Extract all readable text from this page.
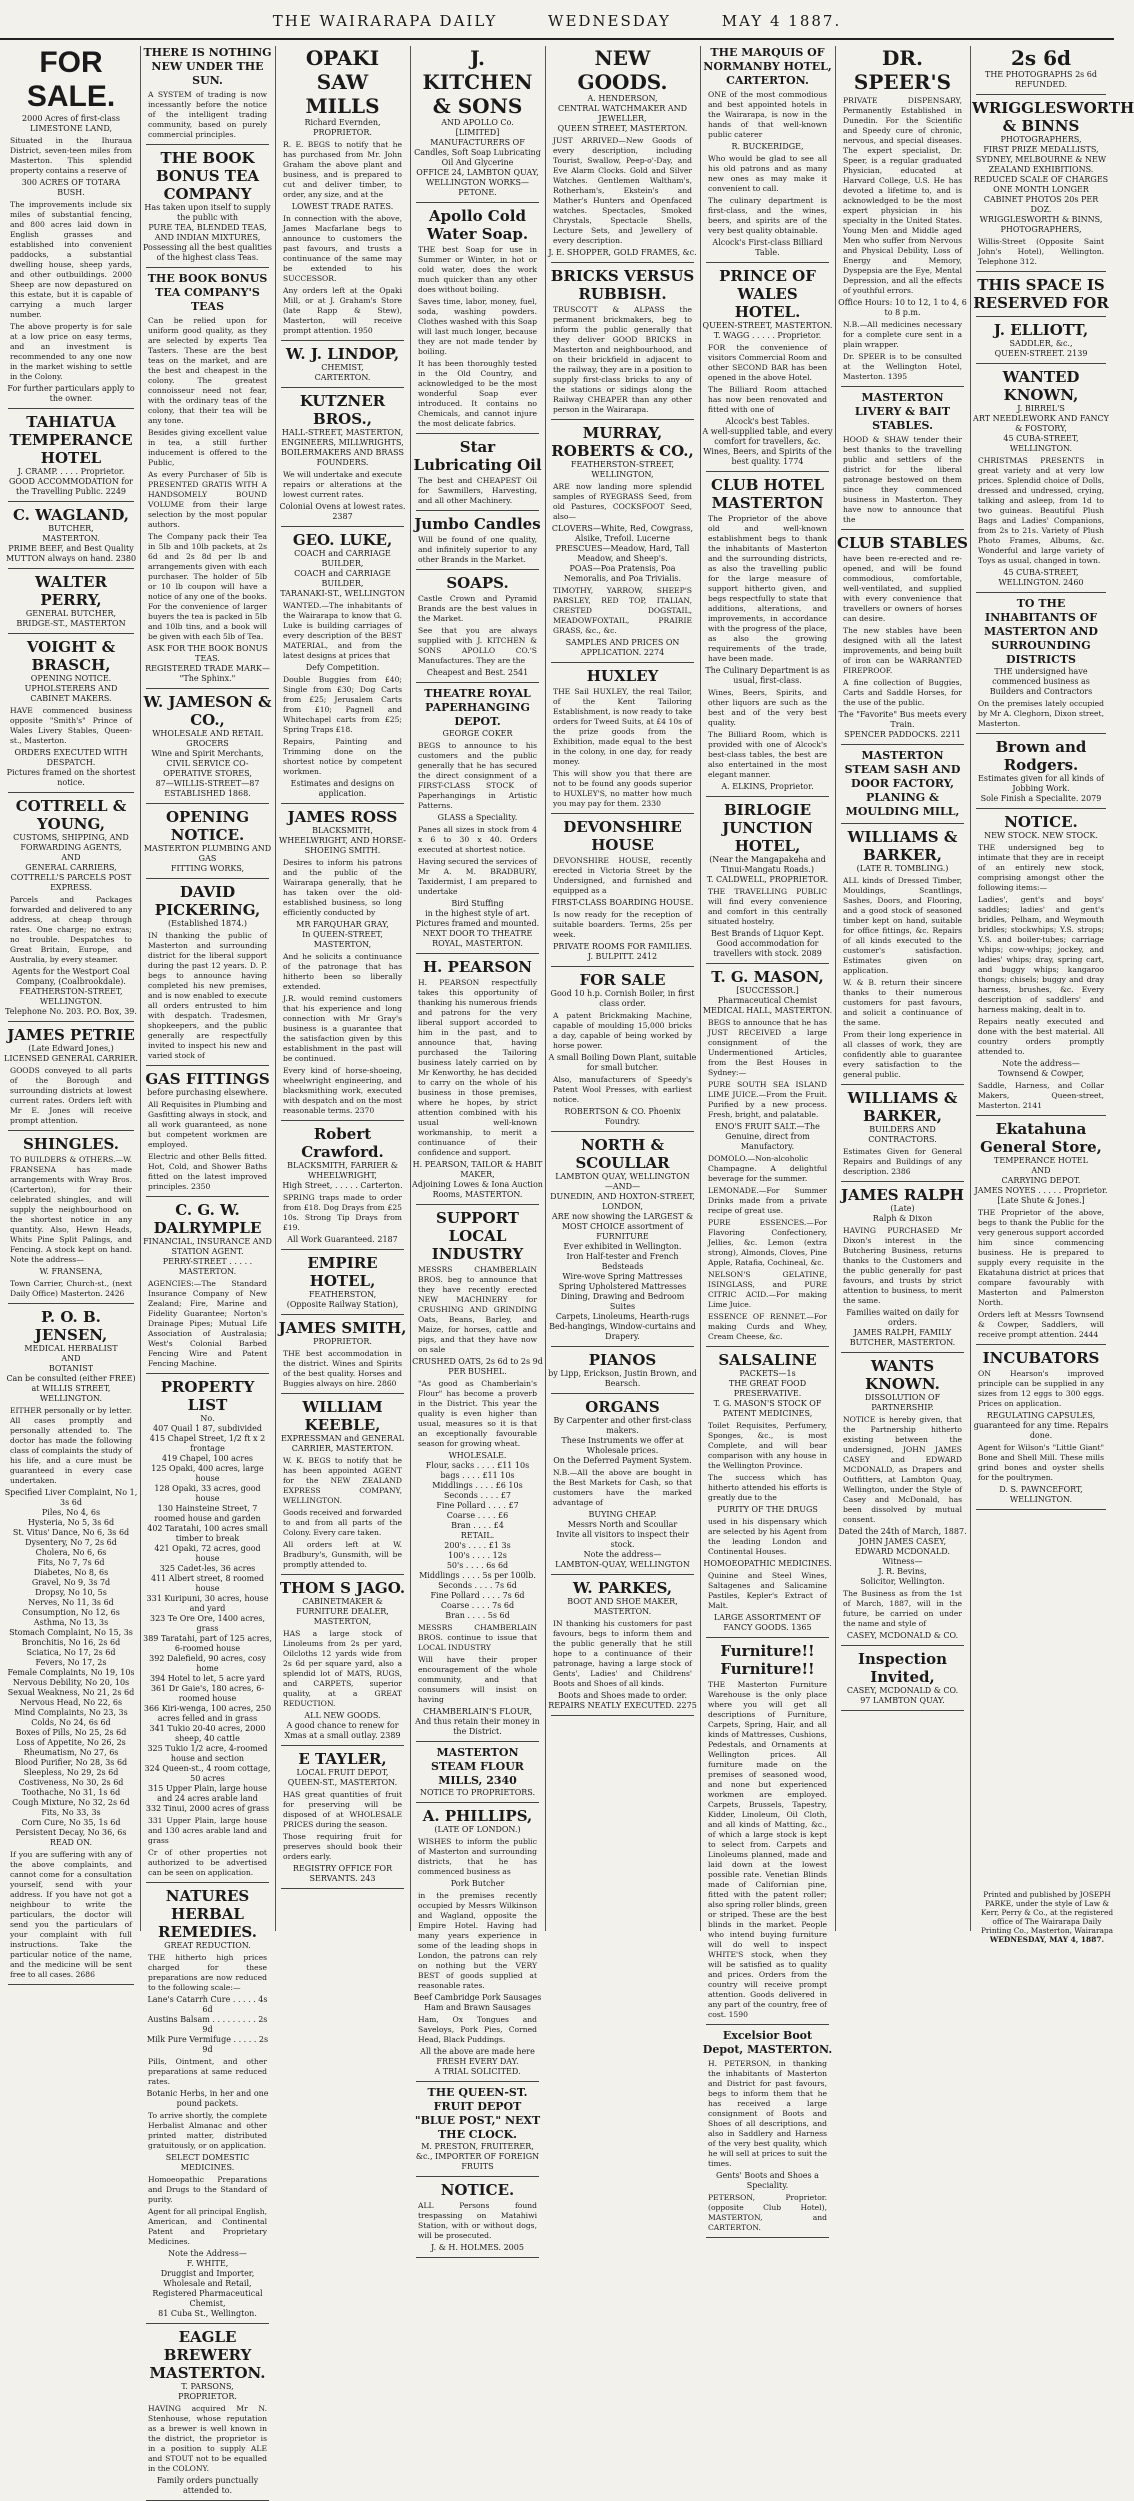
THE WAIRARAPA DAILY	WEDNESDAY	MAY 4 1887.
FOR SALE.
2000 Acres of first-class
LIMESTONE LAND,
Situated in the Ihuraua District, seven-teen miles from Masterton. This splendid property contains a reserve of
300 ACRES OF TOTARA
BUSH.
The improvements include six miles of substantial fencing, and 800 acres laid down in English grasses and established into convenient paddocks, a substantial dwelling house, sheep yards, and other outbuildings. 2000 Sheep are now depastured on this estate, but it is capable of carrying a much larger number.
The above property is for sale at a low price on easy terms, and an investment is recommended to any one now in the market wishing to settle in the Colony.
For further particulars apply to the owner.
TAHIATUA TEMPERANCE HOTEL
J. CRAMP. . . . . Proprietor.
GOOD ACCOMMODATION for the Travelling Public. 2249
C. WAGLAND,
BUTCHER,
MASTERTON.
PRIME BEEF, and Best Quality MUTTON always on hand. 2380
WALTER PERRY,
GENERAL BUTCHER,
BRIDGE-ST., MASTERTON
VOIGHT & BRASCH,
OPENING NOTICE.
UPHOLSTERERS AND CABINET MAKERS.
HAVE commenced business opposite "Smith's" Prince of Wales Livery Stables, Queen-st., Masterton.
ORDERS EXECUTED WITH DESPATCH.
Pictures framed on the shortest notice.
COTTRELL & YOUNG,
CUSTOMS, SHIPPING, AND FORWARDING AGENTS,
AND
GENERAL CARRIERS,
COTTRELL'S PARCELS POST EXPRESS.
Parcels and Packages forwarded and delivered to any address, at cheap through rates. One charge; no extras; no trouble. Despatches to Great Britain, Europe, and Australia, by every steamer.
Agents for the Westport Coal Company, (Coalbrookdale).
FEATHERSTON-STREET, WELLINGTON.
Telephone No. 203. P.O. Box, 39.
JAMES PETRIE
(Late Edward Jones,)
LICENSED GENERAL CARRIER.
GOODS conveyed to all parts of the Borough and surrounding districts at lowest current rates. Orders left with Mr E. Jones will receive prompt attention.
SHINGLES.
TO BUILDERS & OTHERS.—W. FRANSENA has made arrangements with Wray Bros. (Carterton), for their celebrated shingles, and will supply the neighbourhood on the shortest notice in any quantity. Also, Hewn Heads, Whits Pine Split Palings, and Fencing. A stock kept on hand. Note the address—
W. FRANSENA,
Town Carrier, Church-st., (next Daily Office) Masterton. 2426
P. O. B. JENSEN,
MEDICAL HERBALIST
AND
BOTANIST
Can be consulted (either FREE) at WILLIS STREET, WELLINGTON.
EITHER personally or by letter. All cases promptly and personally attended to. The doctor has made the following class of complaints the study of his life, and a cure must be guaranteed in every case undertaken.
Specified Liver Complaint, No 1, 3s 6d
Piles, No 4, 6s
Hysteria, No 5, 3s 6d
St. Vitus' Dance, No 6, 3s 6d
Dysentery, No 7, 2s 6d
Cholera, No 6, 6s
Fits, No 7, 7s 6d
Diabetes, No 8, 6s
Gravel, No 9, 3s 7d
Dropsy, No 10, 5s
Nerves, No 11, 3s 6d
Consumption, No 12, 6s
Asthma, No 13, 3s
Stomach Complaint, No 15, 3s
Bronchitis, No 16, 2s 6d
Sciatica, No 17, 2s 6d
Fevers, No 17, 2s
Female Complaints, No 19, 10s
Nervous Debility, No 20, 10s
Sexual Weakness, No 21, 2s 6d
Nervous Head, No 22, 6s
Mind Complaints, No 23, 3s
Colds, No 24, 6s 6d
Boxes of Pills, No 25, 2s 6d
Loss of Appetite, No 26, 2s
Rheumatism, No 27, 6s
Blood Purifier, No 28, 3s 6d
Sleepless, No 29, 2s 6d
Costiveness, No 30, 2s 6d
Toothache, No 31, 1s 6d
Cough Mixture, No 32, 2s 6d
Fits, No 33, 3s
Corn Cure, No 35, 1s 6d
Persistent Decay, No 36, 6s
READ ON.
If you are suffering with any of the above complaints, and cannot come for a consultation yourself, send with your address. If you have not got a neighbour to write the particulars, the doctor will send you the particulars of your complaint with full instructions. Take the particular notice of the name, and the medicine will be sent free to all cases. 2686
THERE IS NOTHING NEW UNDER THE SUN.
A SYSTEM of trading is now incessantly before the notice of the intelligent trading community, based on purely commercial principles.
THE BOOK BONUS TEA COMPANY
Has taken upon itself to supply the public with
PURE TEA, BLENDED TEAS, AND INDIAN MIXTURES,
Possessing all the best qualities of the highest class Teas.
THE BOOK BONUS TEA COMPANY'S TEAS
Can be relied upon for uniform good quality, as they are selected by experts Tea Tasters. These are the best teas on the market, and are the best and cheapest in the colony. The greatest connoisseur need not fear, with the ordinary teas of the colony, that their tea will be any tone.
Besides giving excellent value in tea, a still further inducement is offered to the Public,
As every Purchaser of 5lb is PRESENTED GRATIS WITH A HANDSOMELY BOUND VOLUME from their large selection by the most popular authors.
The Company pack their Tea in 5lb and 10lb packets, at 2s 6d and 2s 8d per lb and arrangements given with each purchaser. The holder of 5lb or 10 lb coupon will have a notice of any one of the books. For the convenience of larger buyers the tea is packed in 5lb and 10lb tins, and a book will be given with each 5lb of Tea.
ASK FOR THE BOOK BONUS TEAS.
REGISTERED TRADE MARK—
"The Sphinx."
W. JAMESON & CO.,
WHOLESALE AND RETAIL GROCERS
Wine and Spirit Merchants,
CIVIL SERVICE CO-OPERATIVE STORES,
87—WILLIS-STREET—87
ESTABLISHED 1868.
OPENING NOTICE.
MASTERTON PLUMBING AND GAS
FITTING WORKS,
DAVID PICKERING,
(Established 1874.)
IN thanking the public of Masterton and surrounding district for the liberal support during the past 12 years. D. P. begs to announce having completed his new premises, and is now enabled to execute all orders entrusted to him with despatch. Tradesmen, shopkeepers, and the public generally are respectfully invited to inspect his new and varied stock of
GAS FITTINGS
before purchasing elsewhere.
All Requisites in Plumbing and Gasfitting always in stock, and all work guaranteed, as none but competent workmen are employed.
Electric and other Bells fitted. Hot, Cold, and Shower Baths fitted on the latest improved principles. 2350
C. G. W. DALRYMPLE
FINANCIAL, INSURANCE AND STATION AGENT.
PERRY-STREET . . . . . MASTERTON.
AGENCIES:—The Standard Insurance Company of New Zealand; Fire, Marine and Fidelity Guarantee; Norton's Drainage Pipes; Mutual Life Association of Australasia; West's Colonial Barbed Fencing Wire and Patent Fencing Machine.
PROPERTY LIST
No.
407 Quail 1 87, subdivided
415 Chapel Street, 1/2 ft x 2 frontage
419 Chapel, 100 acres
125 Opaki, 400 acres, large house
128 Opaki, 33 acres, good house
130 Hainsteine Street, 7 roomed house and garden
402 Taratahi, 100 acres small timber to break
421 Opaki, 72 acres, good house
325 Cadet-les, 36 acres
411 Albert street, 8 roomed house
331 Kuripuni, 30 acres, house and yard
323 Te Ore Ore, 1400 acres, grass
389 Taratahi, part of 125 acres, 6-roomed house
392 Dalefield, 90 acres, cosy home
394 Hotel to let, 5 acre yard
361 Dr Gaie's, 180 acres, 6-roomed house
366 Kiri-wenga, 100 acres, 250 acres felled and in grass
341 Tukio 20-40 acres, 2000 sheep, 40 cattle
325 Tukio 1/2 acre, 4-roomed house and section
324 Queen-st., 4 room cottage, 50 acres
315 Upper Plain, large house and 24 acres arable land
332 Tinui, 2000 acres of grass
331 Upper Plain, large house and 130 acres arable land and grass
Cr of other properties not authorized to be advertised can be seen on application.
NATURES HERBAL REMEDIES.
GREAT REDUCTION.
THE hitherto high prices charged for these preparations are now reduced to the following scale:—
Lane's Catarrh Cure . . . . . 4s 6d
Austins Balsam . . . . . . . . . 2s 9d
Milk Pure Vermifuge . . . . . 2s 9d
Pills, Ointment, and other preparations at same reduced rates.
Botanic Herbs, in her and one pound packets.
To arrive shortly, the complete Herbalist Almanac and other printed matter, distributed gratuitously, or on application.
SELECT DOMESTIC MEDICINES.
Homoeopathic Preparations and Drugs to the Standard of purity.
Agent for all principal English, American, and Continental Patent and Proprietary Medicines.
Note the Address—
F. WHITE,
Druggist and Importer,
Wholesale and Retail,
Registered Pharmaceutical Chemist,
81 Cuba St., Wellington.
EAGLE BREWERY MASTERTON.
T. PARSONS,
PROPRIETOR.
HAVING acquired Mr N. Stenhouse, whose reputation as a brewer is well known in the district, the proprietor is in a position to supply ALE and STOUT not to be equalled in the COLONY.
Family orders punctually attended to.
OPAKI SAW MILLS
Richard Evernden,
PROPRIETOR.
R. E. BEGS to notify that he has purchased from Mr. John Graham the above plant and business, and is prepared to cut and deliver timber, to order, any size, and at the
LOWEST TRADE RATES.
In connection with the above, James Macfarlane begs to announce to customers the past favours, and trusts a continuance of the same may be extended to his SUCCESSOR.
Any orders left at the Opaki Mill, or at J. Graham's Store (late Rapp & Stew), Masterton, will receive prompt attention. 1950
W. J. LINDOP,
CHEMIST,
CARTERTON.
KUTZNER BROS.,
HALL-STREET, MASTERTON,
ENGINEERS, MILLWRIGHTS, BOILERMAKERS AND BRASS FOUNDERS.
We will undertake and execute repairs or alterations at the lowest current rates.
Colonial Ovens at lowest rates. 2387
GEO. LUKE,
COACH and CARRIAGE BUILDER,
COACH and CARRIAGE BUILDER,
TARANAKI-ST., WELLINGTON
WANTED.—The inhabitants of the Wairarapa to know that G. Luke is building carriages of every description of the BEST MATERIAL, and from the latest designs at prices that
Defy Competition.
Double Buggies from £40; Single from £30; Dog Carts from £25; Jerusalem Carts from £10; Pagnell and Whitechapel carts from £25; Spring Traps £18.
Repairs, Painting and Trimming done on the shortest notice by competent workmen.
Estimates and designs on application.
JAMES ROSS
BLACKSMITH, WHEELWRIGHT, AND HORSE-SHOEING SMITH.
Desires to inform his patrons and the public of the Wairarapa generally, that he has taken over the old-established business, so long efficiently conducted by
MR FARQUHAR GRAY,
In QUEEN-STREET, MASTERTON,
And he solicits a continuance of the patronage that has hitherto been so liberally extended.
J.R. would remind customers that his experience and long connection with Mr Gray's business is a guarantee that the satisfaction given by this establishment in the past will be continued.
Every kind of horse-shoeing, wheelwright engineering, and blacksmithing work, executed with despatch and on the most reasonable terms. 2370
Robert Crawford.
BLACKSMITH, FARRIER & WHEELWRIGHT,
High Street, . . . . . Carterton.
SPRING traps made to order from £18. Dog Drays from £25 10s. Strong Tip Drays from £19.
All Work Guaranteed. 2187
EMPIRE HOTEL,
FEATHERSTON,
(Opposite Railway Station),
JAMES SMITH,
PROPRIETOR.
THE best accommodation in the district. Wines and Spirits of the best quality. Horses and Buggies always on hire. 2860
WILLIAM KEEBLE,
EXPRESSMAN and GENERAL CARRIER, MASTERTON.
W. K. BEGS to notify that he has been appointed AGENT for the NEW ZEALAND EXPRESS COMPANY, WELLINGTON.
Goods received and forwarded to and from all parts of the Colony. Every care taken.
All orders left at W. Bradbury's, Gunsmith, will be promptly attended to.
THOM S JAGO.
CABINETMAKER & FURNITURE DEALER,
MASTERTON,
HAS a large stock of Linoleums from 2s per yard, Oilcloths 12 yards wide from 2s 6d per square yard, also a splendid lot of MATS, RUGS, and CARPETS, superior quality, at a GREAT REDUCTION.
ALL NEW GOODS.
A good chance to renew for Xmas at a small outlay. 2389
E TAYLER,
LOCAL FRUIT DEPOT,
QUEEN-ST., MASTERTON.
HAS great quantities of fruit for preserving will be disposed of at WHOLESALE PRICES during the season.
Those requiring fruit for preserves should book their orders early.
REGISTRY OFFICE FOR SERVANTS. 243
J. KITCHEN & SONS
AND APOLLO Co.
[LIMITED]
MANUFACTURERS OF
Candles, Soft Soap Lubricating Oil And Glycerine
OFFICE 24, LAMBTON QUAY, WELLINGTON WORKS—PETONE.
Apollo Cold Water Soap.
THE best Soap for use in Summer or Winter, in hot or cold water, does the work much quicker than any other does without boiling.
Saves time, labor, money, fuel, soda, washing powders. Clothes washed with this Soap will last much longer, because they are not made tender by boiling.
It has been thoroughly tested in the Old Country, and acknowledged to be the most wonderful Soap ever introduced. It contains no Chemicals, and cannot injure the most delicate fabrics.
Star Lubricating Oil
The best and CHEAPEST Oil for Sawmillers, Harvesting, and all other Machinery.
Jumbo Candles
Will be found of one quality, and infinitely superior to any other Brands in the Market.
SOAPS.
Castle Crown and Pyramid Brands are the best values in the Market.
See that you are always supplied with J. KITCHEN & SONS APOLLO CO.'S Manufactures. They are the
Cheapest and Best. 2541
THEATRE ROYAL PAPERHANGING DEPOT.
GEORGE COKER
BEGS to announce to his customers and the public generally that he has secured the direct consignment of a FIRST-CLASS STOCK of Paperhangings in Artistic Patterns.
GLASS a Speciality.
Panes all sizes in stock from 4 x 6 to 30 x 40. Orders executed at shortest notice.
Having secured the services of Mr A. M. BRADBURY, Taxidermist, I am prepared to undertake
Bird Stuffing
in the highest style of art. Pictures framed and mounted.
NEXT DOOR TO THEATRE ROYAL, MASTERTON.
H. PEARSON
H. PEARSON respectfully takes this opportunity of thanking his numerous friends and patrons for the very liberal support accorded to him in the past, and to announce that, having purchased the Tailoring business lately carried on by Mr Kenworthy, he has decided to carry on the whole of his business in those premises, where he hopes, by strict attention combined with his usual well-known workmanship, to merit a continuance of their confidence and support.
H. PEARSON, TAILOR & HABIT MAKER,
Adjoining Lowes & Iona Auction Rooms, MASTERTON.
SUPPORT LOCAL INDUSTRY
MESSRS CHAMBERLAIN BROS. beg to announce that they have recently erected NEW MACHINERY for CRUSHING AND GRINDING Oats, Beans, Barley, and Maize, for horses, cattle and pigs, and that they have now on sale
CRUSHED OATS, 2s 6d to 2s 9d PER BUSHEL.
"As good as Chamberlain's Flour" has become a proverb in the District. This year the quality is even higher than usual, measures so it is that an exceptionally favourable season for growing wheat.
WHOLESALE.
Flour, sacks . . . . £11 10s
bags . . . . £11 10s
Middlings . . . . £6 10s
Seconds . . . . £7
Fine Pollard . . . . £7
Coarse . . . . £6
Bran . . . . £4
RETAIL.
200's . . . . £1 3s
100's . . . . 12s
50's . . . . 6s 6d
Middlings . . . . 5s per 100lb.
Seconds . . . . 7s 6d
Fine Pollard . . . . 7s 6d
Coarse . . . . 7s 6d
Bran . . . . 5s 6d
MESSRS CHAMBERLAIN BROS. continue to issue that LOCAL INDUSTRY
Will have their proper encouragement of the whole community, and that consumers will insist on having
CHAMBERLAIN'S FLOUR,
And thus retain their money in the District.
MASTERTON STEAM FLOUR MILLS, 2340
NOTICE TO PROPRIETORS.
A. PHILLIPS,
(LATE OF LONDON.)
WISHES to inform the public of Masterton and surrounding districts, that he has commenced business as
Pork Butcher
in the premises recently occupied by Messrs Wilkinson and Wagland, opposite the Empire Hotel. Having had many years experience in some of the leading shops in London, the patrons can rely on nothing but the VERY BEST of goods supplied at reasonable rates.
Beef Cambridge Pork Sausages
Ham and Brawn Sausages
Ham, Ox Tongues and Saveloys, Pork Pies, Corned Head, Black Puddings.
All the above are made here FRESH EVERY DAY.
A TRIAL SOLICITED.
THE QUEEN-ST. FRUIT DEPOT "BLUE POST," NEXT THE CLOCK.
M. PRESTON, FRUITERER, &c., IMPORTER OF FOREIGN FRUITS
NOTICE.
ALL Persons found trespassing on Matahiwi Station, with or without dogs, will be prosecuted.
J. & H. HOLMES. 2005
NEW GOODS.
A. HENDERSON,
CENTRAL WATCHMAKER AND JEWELLER,
QUEEN STREET, MASTERTON.
JUST ARRIVED—New Goods of every description, including Tourist, Swallow, Peep-o'-Day, and Eve Alarm Clocks. Gold and Silver Watches. Gentlemen Waltham's, Rotherham's, Ekstein's and Mather's Hunters and Openfaced watches. Spectacles, Smoked Chrystals, Spectacle Shells, Lecture Sets, and Jewellery of every description.
J. E. SHOPPER, GOLD FRAMES, &c.
BRICKS VERSUS RUBBISH.
TRUSCOTT & ALPASS the permanent brickmakers, beg to inform the public generally that they deliver GOOD BRICKS in Masterton and neighbourhood, and on their brickfield in adjacent to the railway, they are in a position to supply first-class bricks to any of the stations or sidings along the Railway CHEAPER than any other person in the Wairarapa.
MURRAY, ROBERTS & CO.,
FEATHERSTON-STREET, WELLINGTON,
ARE now landing more splendid samples of RYEGRASS Seed, from old Pastures, COCKSFOOT Seed, also—
CLOVERS—White, Red, Cowgrass, Alsike, Trefoil. Lucerne
PRESCUES—Meadow, Hard, Tall Meadow, and Sheep's.
POAS—Poa Pratensis, Poa Nemoralis, and Poa Trivialis.
TIMOTHY, YARROW, SHEEP'S PARSLEY, RED TOP, ITALIAN, CRESTED DOGSTAIL, MEADOWFOXTAIL, PRAIRIE GRASS, &c., &c.
SAMPLES AND PRICES ON APPLICATION. 2274
HUXLEY
THE Sail HUXLEY, the real Tailor, of the Kent Tailoring Establishment, is now ready to take orders for Tweed Suits, at £4 10s of the prize goods from the Exhibition, made equal to the best in the colony, in one day, for ready money.
This will show you that there are not to be found any goods superior to HUXLEY'S, no matter how much you may pay for them. 2330
DEVONSHIRE HOUSE
DEVONSHIRE HOUSE, recently erected in Victoria Street by the Undersigned, and furnished and equipped as a
FIRST-CLASS BOARDING HOUSE.
Is now ready for the reception of suitable boarders. Terms, 25s per week.
PRIVATE ROOMS FOR FAMILIES.
J. BULPITT. 2412
FOR SALE
Good 10 h.p. Cornish Boiler, in first class order.
A patent Brickmaking Machine, capable of moulding 15,000 bricks a day, capable of being worked by horse power.
A small Boiling Down Plant, suitable for small butcher.
Also, manufacturers of Speedy's Patent Wool Presses, with earliest notice.
ROBERTSON & CO. Phoenix Foundry.
NORTH & SCOULLAR
LAMBTON QUAY, WELLINGTON
—AND—
DUNEDIN, AND HOXTON-STREET, LONDON,
ARE now showing the LARGEST & MOST CHOICE assortment of
FURNITURE
Ever exhibited in Wellington.
Iron Half-tester and French Bedsteads
Wire-wove Spring Mattresses
Spring Upholstered Mattresses
Dining, Drawing and Bedroom Suites
Carpets, Linoleums, Hearth-rugs
Bed-hangings, Window-curtains and Drapery.
PIANOS
by Lipp, Erickson, Justin Brown, and Bearsch.
ORGANS
By Carpenter and other first-class makers.
These Instruments we offer at Wholesale prices.
On the Deferred Payment System.
N.B.—All the above are bought in the Best Markets for Cash, so that customers have the marked advantage of
BUYING CHEAP.
Messrs North and Scoullar
Invite all visitors to inspect their stock.
Note the address—
LAMBTON-QUAY, WELLINGTON
W. PARKES,
BOOT AND SHOE MAKER, MASTERTON.
IN thanking his customers for past favours, begs to inform them and the public generally that he still hope to a continuance of their patronage, having a large stock of Gents', Ladies' and Childrens' Boots and Shoes of all kinds.
Boots and Shoes made to order.
REPAIRS NEATLY EXECUTED. 2275
THE MARQUIS OF NORMANBY HOTEL, CARTERTON.
ONE of the most commodious and best appointed hotels in the Wairarapa, is now in the hands of that well-known public caterer
R. BUCKERIDGE,
Who would be glad to see all his old patrons and as many new ones as may make it convenient to call.
The culinary department is first-class, and the wines, beers, and spirits are of the very best quality obtainable.
Alcock's First-class Billiard Table.
PRINCE OF WALES HOTEL.
QUEEN-STREET, MASTERTON.
T. WAGG . . . . . Proprietor.
FOR the convenience of visitors Commercial Room and other SECOND BAR has been opened in the above Hotel.
The Billiard Room attached has now been renovated and fitted with one of
Alcock's best Tables.
A well-supplied table, and every comfort for travellers, &c.
Wines, Beers, and Spirits of the best quality. 1774
CLUB HOTEL MASTERTON
The Proprietor of the above old and well-known establishment begs to thank the inhabitants of Masterton and the surrounding districts, as also the travelling public for the large measure of support hitherto given, and begs respectfully to state that additions, alterations, and improvements, in accordance with the progress of the place, as also the growing requirements of the trade, have been made.
The Culinary Department is as usual, first-class.
Wines, Beers, Spirits, and other liquors are such as the best and of the very best quality.
The Billiard Room, which is provided with one of Alcock's best-class tables, the best are also entertained in the most elegant manner.
A. ELKINS, Proprietor.
BIRLOGIE JUNCTION HOTEL,
(Near the Mangapakeha and Tinui-Mangatu Roads.)
T. CALDWELL, PROPRIETOR.
THE TRAVELLING PUBLIC will find every convenience and comfort in this centrally situated hostelry.
Best Brands of Liquor Kept.
Good accommodation for travellers with stock. 2089
T. G. MASON,
[SUCCESSOR.]
Pharmaceutical Chemist
MEDICAL HALL, MASTERTON.
BEGS to announce that he has JUST RECEIVED a large consignment of the Undermentioned Articles, from the Best Houses in Sydney:—
PURE SOUTH SEA ISLAND LIME JUICE.—From the Fruit. Purified by a new process. Fresh, bright, and palatable.
ENO'S FRUIT SALT.—The Genuine, direct from Manufactory.
DOMOLO.—Non-alcoholic Champagne. A delightful beverage for the summer.
LEMONADE.—For Summer Drinks made from a private recipe of great use.
PURE ESSENCES.—For Flavoring Confectionery, Jellies, &c. Lemon (extra strong), Almonds, Cloves, Pine Apple, Ratafia, Cochineal, &c.
NELSON'S GELATINE, ISINGLASS, and PURE CITRIC ACID.—For making Lime Juice.
ESSENCE OF RENNET.—For making Curds and Whey, Cream Cheese, &c.
SALSALINE
PACKETS—1s
THE GREAT FOOD PRESERVATIVE.
T. G. MASON'S STOCK OF PATENT MEDICINES,
Toilet Requisites, Perfumery, Sponges, &c., is most Complete, and will bear comparison with any house in the Wellington Province.
The success which has hitherto attended his efforts is greatly due to the
PURITY OF THE DRUGS
used in his dispensary which are selected by his Agent from the leading London and Continental Houses.
HOMOEOPATHIC MEDICINES.
Quinine and Steel Wines, Saltagenes and Salicamine Pastiles, Kepler's Extract of Malt.
LARGE ASSORTMENT OF FANCY GOODS. 1365
Furniture!! Furniture!!
THE Masterton Furniture Warehouse is the only place where you will get all descriptions of Furniture, Carpets, Spring, Hair, and all kinds of Mattresses, Cushions, Pedestals, and Ornaments at Wellington prices. All furniture made on the premises of seasoned wood, and none but experienced workmen are employed. Carpets, Brussels, Tapestry, Kidder, Linoleum, Oil Cloth, and all kinds of Matting, &c., of which a large stock is kept to select from. Carpets and Linoleums planned, made and laid down at the lowest possible rate. Venetian Blinds made of Californian pine, fitted with the patent roller; also spring roller blinds, green or striped. These are the best blinds in the market. People who intend buying furniture will do well to inspect WHITE'S stock, when they will be satisfied as to quality and prices. Orders from the country will receive prompt attention. Goods delivered in any part of the country, free of cost. 1590
Excelsior Boot Depot, MASTERTON.
H. PETERSON, in thanking the inhabitants of Masterton and District for past favours, begs to inform them that he has received a large consignment of Boots and Shoes of all descriptions, and also in Saddlery and Harness of the very best quality, which he will sell at prices to suit the times.
Gents' Boots and Shoes a Speciality.
PETERSON, Proprietor. (opposite Club Hotel), MASTERTON, and CARTERTON.
DR. SPEER'S
PRIVATE DISPENSARY, Permanently Established in Dunedin. For the Scientific and Speedy cure of chronic, nervous, and special diseases. The expert specialist, Dr. Speer, is a regular graduated Physician, educated at Harvard College, U.S. He has devoted a lifetime to, and is acknowledged to be the most expert physician in his specialty in the United States. Young Men and Middle aged Men who suffer from Nervous and Physical Debility, Loss of Energy and Memory, Dyspepsia are the Eye, Mental Depression, and all the effects of youthful errors.
Office Hours: 10 to 12, 1 to 4, 6 to 8 p.m.
N.B.—All medicines necessary for a complete cure sent in a plain wrapper.
Dr. SPEER is to be consulted at the Wellington Hotel, Masterton. 1395
MASTERTON LIVERY & BAIT STABLES.
HOOD & SHAW tender their best thanks to the travelling public and settlers of the district for the liberal patronage bestowed on them since they commenced business in Masterton. They have now to announce that the
CLUB STABLES
have been re-erected and re-opened, and will be found commodious, comfortable, well-ventilated, and supplied with every convenience that travellers or owners of horses can desire.
The new stables have been designed with all the latest improvements, and being built of iron can be WARRANTED FIREPROOF.
A fine collection of Buggies, Carts and Saddle Horses, for the use of the public.
The "Favorite" Bus meets every Train.
SPENCER PADDOCKS. 2211
MASTERTON STEAM SASH AND DOOR FACTORY, PLANING & MOULDING MILL,
WILLIAMS & BARKER,
(LATE R. TOMBLING.)
ALL kinds of Dressed Timber, Mouldings, Scantlings, Sashes, Doors, and Flooring, and a good stock of seasoned timber kept on hand, suitable for office fittings, &c. Repairs of all kinds executed to the customer's satisfaction. Estimates given on application.
W. & B. return their sincere thanks to their numerous customers for past favours, and solicit a continuance of the same.
From their long experience in all classes of work, they are confidently able to guarantee every satisfaction to the general public.
WILLIAMS & BARKER,
BUILDERS AND CONTRACTORS.
Estimates Given for General Repairs and Buildings of any description. 2386
JAMES RALPH
(Late)
Ralph & Dixon
HAVING PURCHASED Mr Dixon's interest in the Butchering Business, returns thanks to the Customers and the public generally for past favours, and trusts by strict attention to business, to merit the same.
Families waited on daily for orders.
JAMES RALPH, FAMILY BUTCHER, MASTERTON.
WANTS KNOWN.
DISSOLUTION OF PARTNERSHIP.
NOTICE is hereby given, that the Partnership hitherto existing between the undersigned, JOHN JAMES CASEY and EDWARD MCDONALD, as Drapers and Outfitters, at Lambton Quay, Wellington, under the Style of Casey and McDonald, has been dissolved by mutual consent.
Dated the 24th of March, 1887.
JOHN JAMES CASEY,
EDWARD MCDONALD.
Witness—
J. R. Bevins,
Solicitor, Wellington.
The Business as from the 1st of March, 1887, will in the future, be carried on under the name and style of
CASEY, MCDONALD & CO.
Inspection Invited,
CASEY, MCDONALD & CO.
97 LAMBTON QUAY.
2s 6d
THE PHOTOGRAPHS 2s 6d REFUNDED.
WRIGGLESWORTH & BINNS
PHOTOGRAPHERS,
FIRST PRIZE MEDALLISTS,
SYDNEY, MELBOURNE & NEW ZEALAND EXHIBITIONS.
REDUCED SCALE OF CHARGES
ONE MONTH LONGER
CABINET PHOTOS 20s PER DOZ.
WRIGGLESWORTH & BINNS,
PHOTOGRAPHERS,
Willis-Street (Opposite Saint John's Hotel), Wellington. Telephone 312.
THIS SPACE IS RESERVED FOR
J. ELLIOTT,
SADDLER, &c.,
QUEEN-STREET. 2139
WANTED KNOWN,
J. BIRREL'S
ART NEEDLEWORK AND FANCY & FOSTORY,
45 CUBA-STREET, WELLINGTON.
CHRISTMAS PRESENTS in great variety and at very low prices. Splendid choice of Dolls, dressed and undressed, crying, talking and asleep, from 1d to two guineas. Beautiful Plush Bags and Ladies' Companions, from 2s to 21s. Variety of Plush Photo Frames, Albums, &c. Wonderful and large variety of Toys as usual, changed in town.
45 CUBA-STREET, WELLINGTON. 2460
TO THE INHABITANTS OF MASTERTON AND SURROUNDING DISTRICTS
THE undersigned have commenced business as
Builders and Contractors
On the premises lately occupied by Mr A. Cleghorn, Dixon street, Masterton.
Brown and Rodgers.
Estimates given for all kinds of Jobbing Work.
Sole Finish a Specialite. 2079
NOTICE.
NEW STOCK. NEW STOCK.
THE undersigned beg to intimate that they are in receipt of an entirely new stock, comprising amongst other the following items:—
Ladies', gent's and boys' saddles; ladies' and gent's bridles, Pelham, and Weymouth bridles; stockwhips; Y.S. strops; Y.S. and boiler-tubes; carriage whips; cow-whips; jockey, and ladies' whips; dray, spring cart, and buggy whips; kangaroo thongs; chisels; buggy and dray harness, brushes, &c. Every description of saddlers' and harness making, dealt in to.
Repairs neatly executed and done with the best material. All country orders promptly attended to.
Note the address—
Townsend & Cowper,
Saddle, Harness, and Collar Makers, Queen-street, Masterton. 2141
Ekatahuna General Store,
TEMPERANCE HOTEL
AND
CARRYING DEPOT.
JAMES NOYES . . . . . Proprietor.
[Late Shute & Jones.]
THE Proprietor of the above, begs to thank the Public for the very generous support accorded him since commencing business. He is prepared to supply every requisite in the Ekatahuna district at prices that compare favourably with Masterton and Palmerston North.
Orders left at Messrs Townsend & Cowper, Saddlers, will receive prompt attention. 2444
INCUBATORS
ON Hearson's improved principle can be supplied in any sizes from 12 eggs to 300 eggs. Prices on application.
REGULATING CAPSULES, guaranteed for any time. Repairs done.
Agent for Wilson's "Little Giant" Bone and Shell Mill. These mills grind bones and oyster shells for the poultrymen.
D. S. PAWNCEFORT, WELLINGTON.
Printed and published by JOSEPH PARKE, under the style of Law & Kerr, Perry & Co., at the registered office of The Wairarapa Daily Printing Co., Masterton, Wairarapa
WEDNESDAY, MAY 4, 1887.
